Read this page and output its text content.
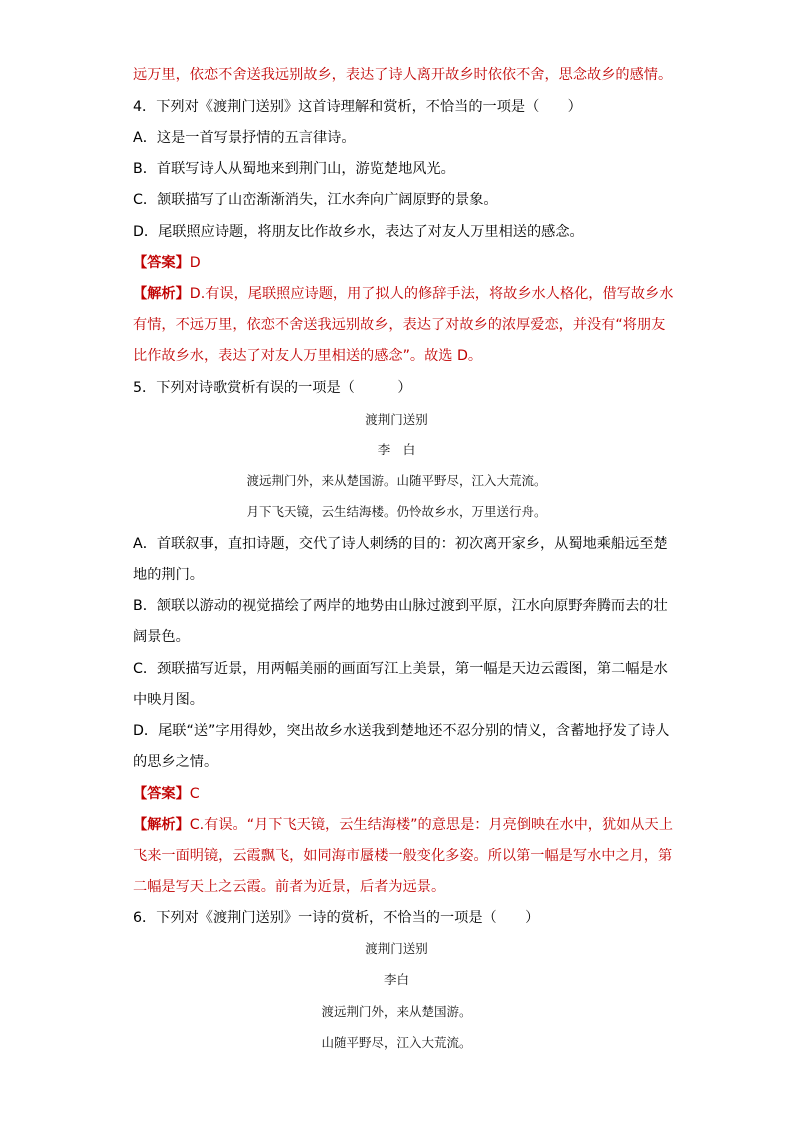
远万里，依恋不舍送我远别故乡，表达了诗人离开故乡时依依不舍，思念故乡的感情。
4．下列对《渡荆门送别》这首诗理解和赏析，不恰当的一项是（　　）
A．这是一首写景抒情的五言律诗。
B．首联写诗人从蜀地来到荆门山，游览楚地风光。
C．颔联描写了山峦渐渐消失，江水奔向广阔原野的景象。
D．尾联照应诗题，将朋友比作故乡水，表达了对友人万里相送的感念。
【答案】D
【解析】D.有误，尾联照应诗题，用了拟人的修辞手法，将故乡水人格化，借写故乡水
有情，不远万里，依恋不舍送我远别故乡，表达了对故乡的浓厚爱恋，并没有“将朋友
比作故乡水，表达了对友人万里相送的感念”。故选 D。
5．下列对诗歌赏析有误的一项是（　　　）
渡荆门送别
李　白
渡远荆门外，来从楚国游。山随平野尽，江入大荒流。
月下飞天镜，云生结海楼。仍怜故乡水，万里送行舟。
A．首联叙事，直扣诗题，交代了诗人刺绣的目的：初次离开家乡，从蜀地乘船远至楚
地的荆门。
B．颔联以游动的视觉描绘了两岸的地势由山脉过渡到平原，江水向原野奔腾而去的壮
阔景色。
C．颈联描写近景，用两幅美丽的画面写江上美景，第一幅是天边云霞图，第二幅是水
中映月图。
D．尾联“送”字用得妙，突出故乡水送我到楚地还不忍分别的情义，含蓄地抒发了诗人
的思乡之情。
【答案】C
【解析】C.有误。“月下飞天镜，云生结海楼”的意思是：月亮倒映在水中，犹如从天上
飞来一面明镜，云霞飘飞，如同海市蜃楼一般变化多姿。所以第一幅是写水中之月，第
二幅是写天上之云霞。前者为近景，后者为远景。
6．下列对《渡荆门送别》一诗的赏析，不恰当的一项是（　　）
渡荆门送别
李白
渡远荆门外，来从楚国游。
山随平野尽，江入大荒流。
